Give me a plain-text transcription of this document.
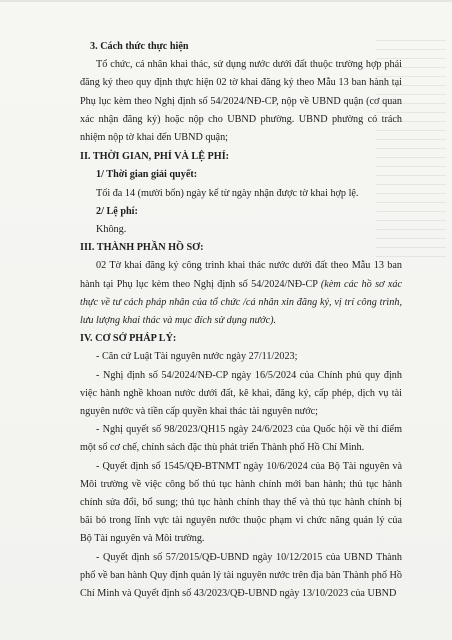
3. Cách thức thực hiện

Tổ chức, cá nhân khai thác, sử dụng nước dưới đất thuộc trường hợp phải đăng ký theo quy định thực hiện 02 tờ khai đăng ký theo Mẫu 13 ban hành tại Phụ lục kèm theo Nghị định số 54/2024/NĐ-CP, nộp về UBND quận (cơ quan xác nhận đăng ký) hoặc nộp cho UBND phường. UBND phường có trách nhiệm nộp tờ khai đến UBND quận;

II. THỜI GIAN, PHÍ VÀ LỆ PHÍ:

1/ Thời gian giải quyết:

Tối đa 14 (mười bốn) ngày kể từ ngày nhận được tờ khai hợp lệ.

2/ Lệ phí:

Không.

III. THÀNH PHẦN HỒ SƠ:

02 Tờ khai đăng ký công trình khai thác nước dưới đất theo Mẫu 13 ban hành tại Phụ lục kèm theo Nghị định số 54/2024/NĐ-CP (kèm các hồ sơ xác thực về tư cách pháp nhân của tổ chức /cá nhân xin đăng ký, vị trí công trình, lưu lượng khai thác và mục đích sử dụng nước).

IV. CƠ SỞ PHÁP LÝ:

- Căn cứ Luật Tài nguyên nước ngày 27/11/2023;

- Nghị định số 54/2024/NĐ-CP ngày 16/5/2024 của Chính phủ quy định việc hành nghề khoan nước dưới đất, kê khai, đăng ký, cấp phép, dịch vụ tài nguyên nước và tiền cấp quyền khai thác tài nguyên nước;

- Nghị quyết số 98/2023/QH15 ngày 24/6/2023 của Quốc hội về thí điểm một số cơ chế, chính sách đặc thù phát triển Thành phố Hồ Chí Minh.

- Quyết định số 1545/QĐ-BTNMT ngày 10/6/2024 của Bộ Tài nguyên và Môi trường về việc công bố thủ tục hành chính mới ban hành; thủ tục hành chính sửa đổi, bổ sung; thủ tục hành chính thay thế và thủ tục hành chính bị bãi bỏ trong lĩnh vực tài nguyên nước thuộc phạm vi chức năng quản lý của Bộ Tài nguyên và Môi trường.

- Quyết định số 57/2015/QĐ-UBND ngày 10/12/2015 của UBND Thành phố về ban hành Quy định quản lý tài nguyên nước trên địa bàn Thành phố Hồ Chí Minh và Quyết định số 43/2023/QĐ-UBND ngày 13/10/2023 của UBND
